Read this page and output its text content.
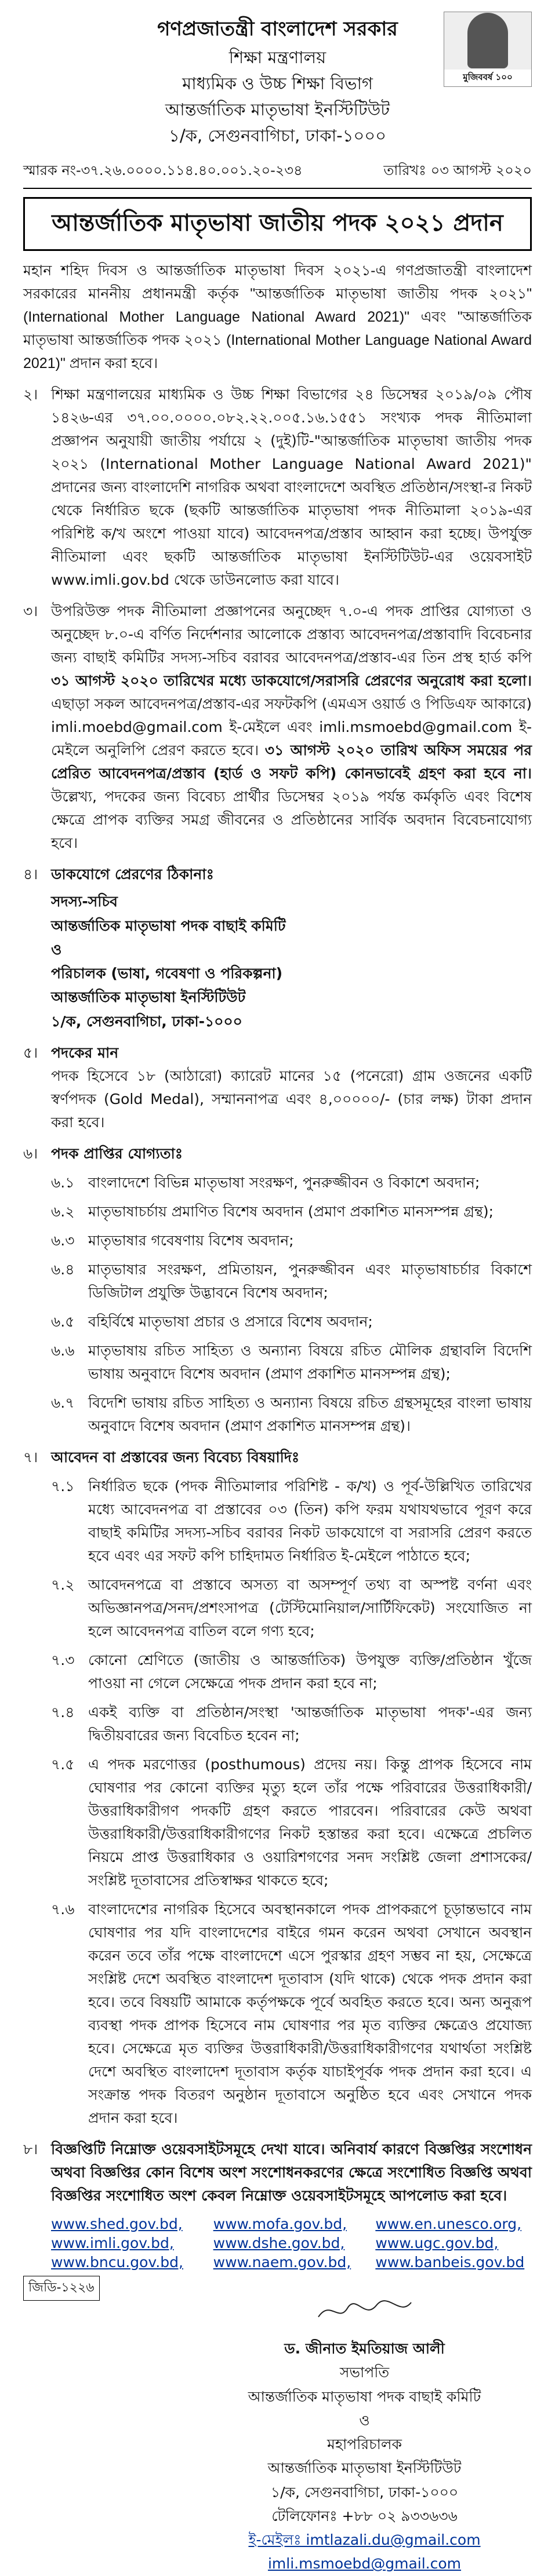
মুজিববর্ষ ১০০
গণপ্রজাতন্ত্রী বাংলাদেশ সরকার
শিক্ষা মন্ত্রণালয়
মাধ্যমিক ও উচ্চ শিক্ষা বিভাগ
আন্তর্জাতিক মাতৃভাষা ইনস্টিটিউট
১/ক, সেগুনবাগিচা, ঢাকা-১০০০
স্মারক নং-৩৭.২৬.০০০০.১১৪.৪০.০০১.২০-২৩৪	তারিখঃ ০৩ আগস্ট ২০২০
আন্তর্জাতিক মাতৃভাষা জাতীয় পদক ২০২১ প্রদান
মহান শহিদ দিবস ও আন্তর্জাতিক মাতৃভাষা দিবস ২০২১-এ গণপ্রজাতন্ত্রী বাংলাদেশ সরকারের মাননীয় প্রধানমন্ত্রী কর্তৃক "আন্তর্জাতিক মাতৃভাষা জাতীয় পদক ২০২১" (International Mother Language National Award 2021)" এবং "আন্তর্জাতিক মাতৃভাষা আন্তর্জাতিক পদক ২০২১ (International Mother Language National Award 2021)" প্রদান করা হবে।
২। শিক্ষা মন্ত্রণালয়ের মাধ্যমিক ও উচ্চ শিক্ষা বিভাগের ২৪ ডিসেম্বর ২০১৯/০৯ পৌষ ১৪২৬-এর ৩৭.০০.০০০০.০৮২.২২.০০৫.১৬.১৫৫১ সংখ্যক পদক নীতিমালা প্রজ্ঞাপন অনুযায়ী জাতীয় পর্যায়ে ২ (দুই)টি-"আন্তর্জাতিক মাতৃভাষা জাতীয় পদক ২০২১ (International Mother Language National Award 2021)" প্রদানের জন্য বাংলাদেশি নাগরিক অথবা বাংলাদেশে অবস্থিত প্রতিষ্ঠান/সংস্থা-র নিকট থেকে নির্ধারিত ছকে (ছকটি আন্তর্জাতিক মাতৃভাষা পদক নীতিমালা ২০১৯-এর পরিশিষ্ট ক/খ অংশে পাওয়া যাবে) আবেদনপত্র/প্রস্তাব আহ্বান করা হচ্ছে। উপর্যুক্ত নীতিমালা এবং ছকটি আন্তর্জাতিক মাতৃভাষা ইনস্টিটিউট-এর ওয়েবসাইট www.imli.gov.bd থেকে ডাউনলোড করা যাবে।
৩। উপরিউক্ত পদক নীতিমালা প্রজ্ঞাপনের অনুচ্ছেদ ৭.০-এ পদক প্রাপ্তির যোগ্যতা ও অনুচ্ছেদ ৮.০-এ বর্ণিত নির্দেশনার আলোকে প্রস্তাব্য আবেদনপত্র/প্রস্তাবাদি বিবেচনার জন্য বাছাই কমিটির সদস্য-সচিব বরাবর আবেদনপত্র/প্রস্তাব-এর তিন প্রস্থ হার্ড কপি ৩১ আগস্ট ২০২০ তারিখের মধ্যে ডাকযোগে/সরাসরি প্রেরণের অনুরোধ করা হলো। এছাড়া সকল আবেদনপত্র/প্রস্তাব-এর সফটকপি (এমএস ওয়ার্ড ও পিডিএফ আকারে) imli.moebd@gmail.com ই-মেইলে এবং imli.msmoebd@gmail.com ই-মেইলে অনুলিপি প্রেরণ করতে হবে। ৩১ আগস্ট ২০২০ তারিখ অফিস সময়ের পর প্রেরিত আবেদনপত্র/প্রস্তাব (হার্ড ও সফট কপি) কোনভাবেই গ্রহণ করা হবে না। উল্লেখ্য, পদকের জন্য বিবেচ্য প্রার্থীর ডিসেম্বর ২০১৯ পর্যন্ত কর্মকৃতি এবং বিশেষ ক্ষেত্রে প্রাপক ব্যক্তির সমগ্র জীবনের ও প্রতিষ্ঠানের সার্বিক অবদান বিবেচনাযোগ্য হবে।
৪। ডাকযোগে প্রেরণের ঠিকানাঃ
সদস্য-সচিব
আন্তর্জাতিক মাতৃভাষা পদক বাছাই কমিটি
ও
পরিচালক (ভাষা, গবেষণা ও পরিকল্পনা)
আন্তর্জাতিক মাতৃভাষা ইনস্টিটিউট
১/ক, সেগুনবাগিচা, ঢাকা-১০০০
৫। পদকের মান
পদক হিসেবে ১৮ (আঠারো) ক্যারেট মানের ১৫ (পনেরো) গ্রাম ওজনের একটি স্বর্ণপদক (Gold Medal), সম্মাননাপত্র এবং ৪,০০০০০/- (চার লক্ষ) টাকা প্রদান করা হবে।
৬। পদক প্রাপ্তির যোগ্যতাঃ
৬.১ বাংলাদেশে বিভিন্ন মাতৃভাষা সংরক্ষণ, পুনরুজ্জীবন ও বিকাশে অবদান;
৬.২ মাতৃভাষাচর্চায় প্রমাণিত বিশেষ অবদান (প্রমাণ প্রকাশিত মানসম্পন্ন গ্রন্থ);
৬.৩ মাতৃভাষার গবেষণায় বিশেষ অবদান;
৬.৪ মাতৃভাষার সংরক্ষণ, প্রমিতায়ন, পুনরুজ্জীবন এবং মাতৃভাষাচর্চার বিকাশে ডিজিটাল প্রযুক্তি উদ্ভাবনে বিশেষ অবদান;
৬.৫ বহির্বিশ্বে মাতৃভাষা প্রচার ও প্রসারে বিশেষ অবদান;
৬.৬ মাতৃভাষায় রচিত সাহিত্য ও অন্যান্য বিষয়ে রচিত মৌলিক গ্রন্থাবলি বিদেশি ভাষায় অনুবাদে বিশেষ অবদান (প্রমাণ প্রকাশিত মানসম্পন্ন গ্রন্থ);
৬.৭ বিদেশি ভাষায় রচিত সাহিত্য ও অন্যান্য বিষয়ে রচিত গ্রন্থসমূহের বাংলা ভাষায় অনুবাদে বিশেষ অবদান (প্রমাণ প্রকাশিত মানসম্পন্ন গ্রন্থ)।
৭। আবেদন বা প্রস্তাবের জন্য বিবেচ্য বিষয়াদিঃ
৭.১ নির্ধারিত ছকে (পদক নীতিমালার পরিশিষ্ট - ক/খ) ও পূর্ব-উল্লিখিত তারিখের মধ্যে আবেদনপত্র বা প্রস্তাবের ০৩ (তিন) কপি ফরম যথাযথভাবে পূরণ করে বাছাই কমিটির সদস্য-সচিব বরাবর নিকট ডাকযোগে বা সরাসরি প্রেরণ করতে হবে এবং এর সফট কপি চাহিদামত নির্ধারিত ই-মেইলে পাঠাতে হবে;
৭.২ আবেদনপত্রে বা প্রস্তাবে অসত্য বা অসম্পূর্ণ তথ্য বা অস্পষ্ট বর্ণনা এবং অভিজ্ঞানপত্র/সনদ/প্রশংসাপত্র (টেস্টিমোনিয়াল/সার্টিফিকেট) সংযোজিত না হলে আবেদনপত্র বাতিল বলে গণ্য হবে;
৭.৩ কোনো শ্রেণিতে (জাতীয় ও আন্তর্জাতিক) উপযুক্ত ব্যক্তি/প্রতিষ্ঠান খুঁজে পাওয়া না গেলে সেক্ষেত্রে পদক প্রদান করা হবে না;
৭.৪ একই ব্যক্তি বা প্রতিষ্ঠান/সংস্থা 'আন্তর্জাতিক মাতৃভাষা পদক'-এর জন্য দ্বিতীয়বারের জন্য বিবেচিত হবেন না;
৭.৫ এ পদক মরণোত্তর (posthumous) প্রদেয় নয়। কিন্তু প্রাপক হিসেবে নাম ঘোষণার পর কোনো ব্যক্তির মৃত্যু হলে তাঁর পক্ষে পরিবারের উত্তরাধিকারী/উত্তরাধিকারীগণ পদকটি গ্রহণ করতে পারবেন। পরিবারের কেউ অথবা উত্তরাধিকারী/উত্তরাধিকারীগণের নিকট হস্তান্তর করা হবে। এক্ষেত্রে প্রচলিত নিয়মে প্রাপ্ত উত্তরাধিকার ও ওয়ারিশগণের সনদ সংশ্লিষ্ট জেলা প্রশাসকের/সংশ্লিষ্ট দূতাবাসের প্রতিস্বাক্ষর থাকতে হবে;
৭.৬ বাংলাদেশের নাগরিক হিসেবে অবস্থানকালে পদক প্রাপকরূপে চূড়ান্তভাবে নাম ঘোষণার পর যদি বাংলাদেশের বাইরে গমন করেন অথবা সেখানে অবস্থান করেন তবে তাঁর পক্ষে বাংলাদেশে এসে পুরস্কার গ্রহণ সম্ভব না হয়, সেক্ষেত্রে সংশ্লিষ্ট দেশে অবস্থিত বাংলাদেশ দূতাবাস (যদি থাকে) থেকে পদক প্রদান করা হবে। তবে বিষয়টি আমাকে কর্তৃপক্ষকে পূর্বে অবহিত করতে হবে। অন্য অনুরূপ ব্যবস্থা পদক প্রাপক হিসেবে নাম ঘোষণার পর মৃত ব্যক্তির ক্ষেত্রেও প্রযোজ্য হবে। সেক্ষেত্রে মৃত ব্যক্তির উত্তরাধিকারী/উত্তরাধিকারীগণের যথার্থতা সংশ্লিষ্ট দেশে অবস্থিত বাংলাদেশ দূতাবাস কর্তৃক যাচাইপূর্বক পদক প্রদান করা হবে। এ সংক্রান্ত পদক বিতরণ অনুষ্ঠান দূতাবাসে অনুষ্ঠিত হবে এবং সেখানে পদক প্রদান করা হবে।
৮। বিজ্ঞপ্তিটি নিম্নোক্ত ওয়েবসাইটসমূহে দেখা যাবে। অনিবার্য কারণে বিজ্ঞপ্তির সংশোধন অথবা বিজ্ঞপ্তির কোন বিশেষ অংশ সংশোধনকরণের ক্ষেত্রে সংশোধিত বিজ্ঞপ্তি অথবা বিজ্ঞপ্তির সংশোধিত অংশ কেবল নিম্নোক্ত ওয়েবসাইটসমূহে আপলোড করা হবে।
www.shed.gov.bd,	www.mofa.gov.bd,	www.en.unesco.org,
www.imli.gov.bd,	www.dshe.gov.bd,	www.ugc.gov.bd,
www.bncu.gov.bd,	www.naem.gov.bd,	www.banbeis.gov.bd
ড. জীনাত ইমতিয়াজ আলী
সভাপতি
আন্তর্জাতিক মাতৃভাষা পদক বাছাই কমিটি
ও
মহাপরিচালক
আন্তর্জাতিক মাতৃভাষা ইনস্টিটিউট
১/ক, সেগুনবাগিচা, ঢাকা-১০০০
টেলিফোনঃ +৮৮ ০২ ৯৩৩৬৩৬
ই-মেইলঃ imtlazali.du@gmail.com
imli.msmoebd@gmail.com
জিডি-১২২৬
